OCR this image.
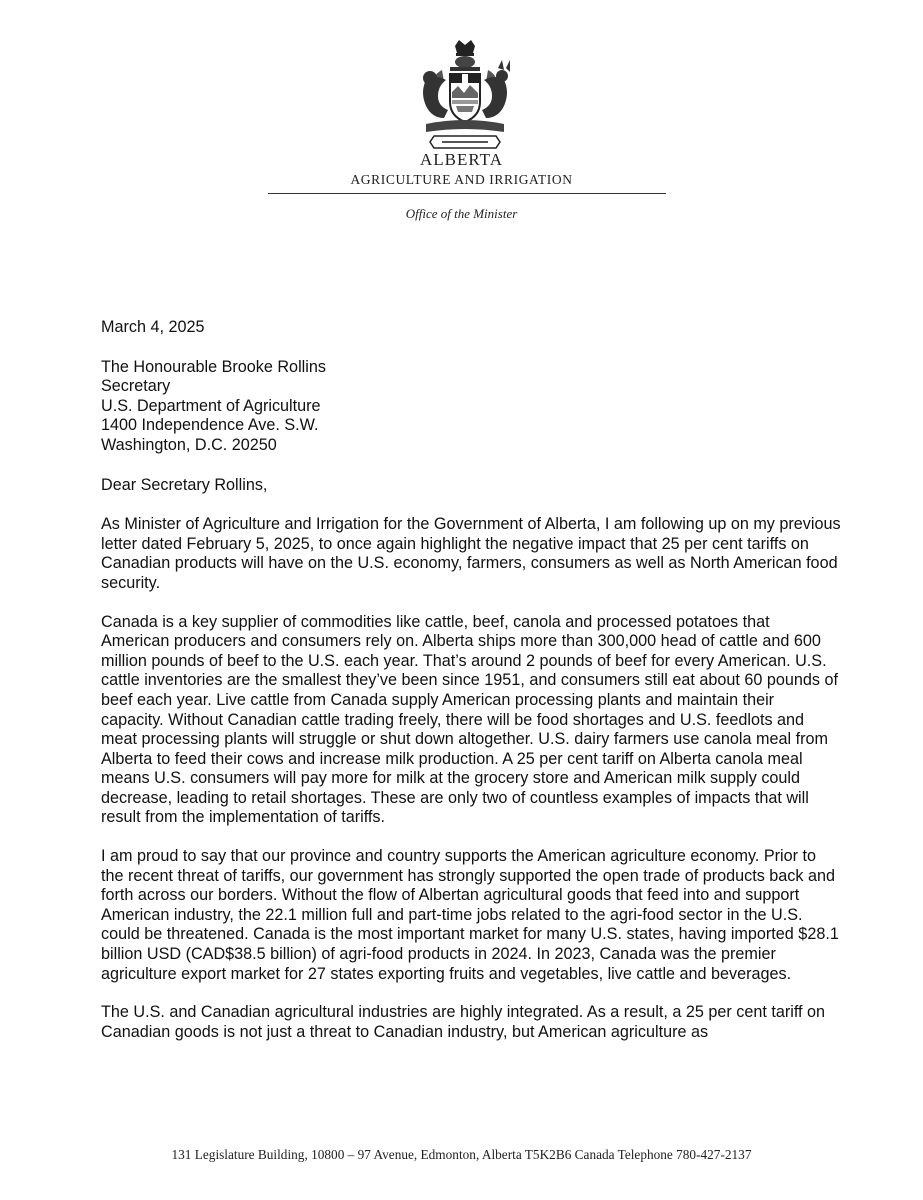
ALBERTA
AGRICULTURE AND IRRIGATION
Office of the Minister
March 4, 2025
The Honourable Brooke Rollins
Secretary
U.S. Department of Agriculture
1400 Independence Ave. S.W.
Washington, D.C. 20250
Dear Secretary Rollins,

As Minister of Agriculture and Irrigation for the Government of Alberta, I am following up on my previous letter dated February 5, 2025, to once again highlight the negative impact that 25 per cent tariffs on Canadian products will have on the U.S. economy, farmers, consumers as well as North American food security.

Canada is a key supplier of commodities like cattle, beef, canola and processed potatoes that American producers and consumers rely on. Alberta ships more than 300,000 head of cattle and 600 million pounds of beef to the U.S. each year. That’s around 2 pounds of beef for every American. U.S. cattle inventories are the smallest they’ve been since 1951, and consumers still eat about 60 pounds of beef each year. Live cattle from Canada supply American processing plants and maintain their capacity. Without Canadian cattle trading freely, there will be food shortages and U.S. feedlots and meat processing plants will struggle or shut down altogether. U.S. dairy farmers use canola meal from Alberta to feed their cows and increase milk production. A 25 per cent tariff on Alberta canola meal means U.S. consumers will pay more for milk at the grocery store and American milk supply could decrease, leading to retail shortages. These are only two of countless examples of impacts that will result from the implementation of tariffs.

I am proud to say that our province and country supports the American agriculture economy. Prior to the recent threat of tariffs, our government has strongly supported the open trade of products back and forth across our borders. Without the flow of Albertan agricultural goods that feed into and support American industry, the 22.1 million full and part-time jobs related to the agri-food sector in the U.S. could be threatened. Canada is the most important market for many U.S. states, having imported $28.1 billion USD (CAD$38.5 billion) of agri-food products in 2024. In 2023, Canada was the premier agriculture export market for 27 states exporting fruits and vegetables, live cattle and beverages.

The U.S. and Canadian agricultural industries are highly integrated. As a result, a 25 per cent tariff on Canadian goods is not just a threat to Canadian industry, but American agriculture as

131 Legislature Building, 10800 – 97 Avenue, Edmonton, Alberta T5K2B6 Canada Telephone 780-427-2137
